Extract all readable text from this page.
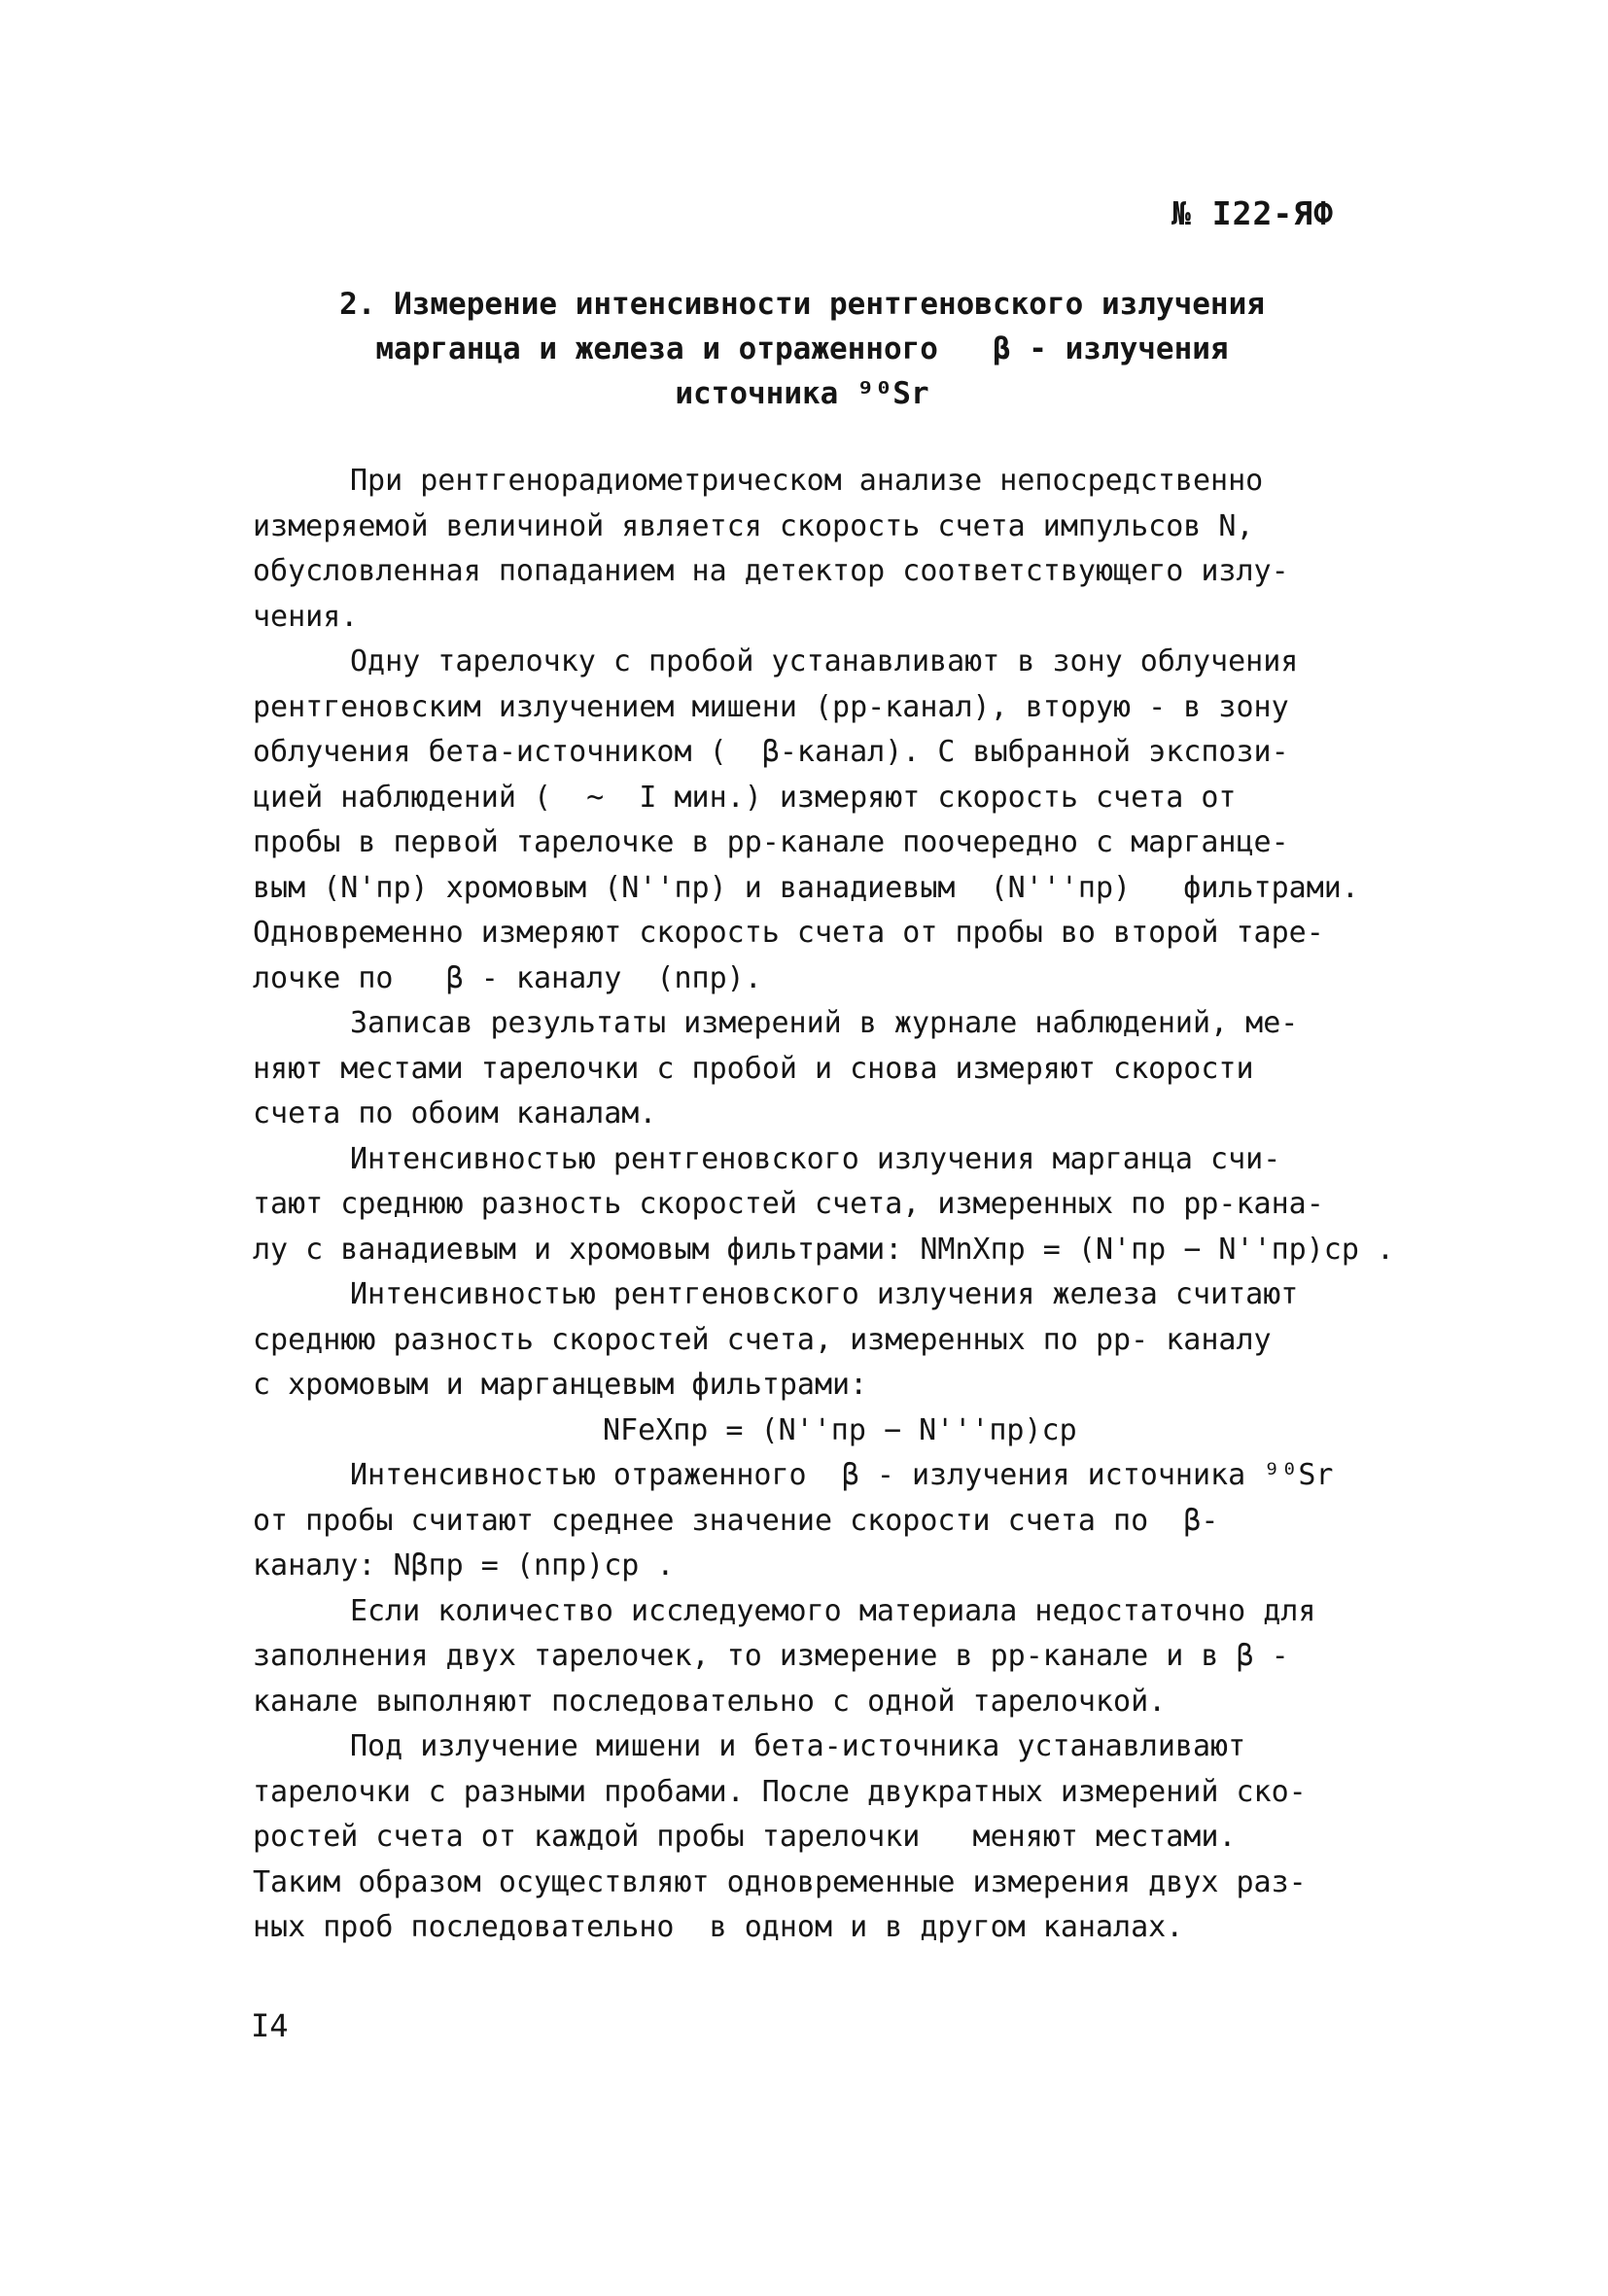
№ I22-ЯФ
2. Измерение интенсивности рентгеновского излучения
марганца и железа и отраженного   β - излучения
источника ⁹⁰Sr
При рентгенорадиометрическом анализе непосредственно
измеряемой величиной является скорость счета импульсов N,
обусловленная попаданием на детектор соответствующего излу-
чения.
Одну тарелочку с пробой устанавливают в зону облучения
рентгеновским излучением мишени (рр-канал), вторую - в зону
облучения бета-источником (  β-канал). С выбранной экспози-
цией наблюдений (  ~  I мин.) измеряют скорость счета от
пробы в первой тарелочке в рр-канале поочередно с марганце-
вым (N'пр) хромовым (N''пр) и ванадиевым  (N'''пр)   фильтрами.
Одновременно измеряют скорость счета от пробы во второй таре-
лочке по   β - каналу  (nпр).
Записав результаты измерений в журнале наблюдений, ме-
няют местами тарелочки с пробой и снова измеряют скорости
счета по обоим каналам.
Интенсивностью рентгеновского излучения марганца счи-
тают среднюю разность скоростей счета, измеренных по рр-кана-
лу с ванадиевым и хромовым фильтрами: NMnХпр = (N'пр − N''пр)ср .
Интенсивностью рентгеновского излучения железа считают
среднюю разность скоростей счета, измеренных по рр- каналу
с хромовым и марганцевым фильтрами:
NFeХпр = (N''пр − N'''пр)ср
Интенсивностью отраженного  β - излучения источника ⁹⁰Sr
от пробы считают среднее значение скорости счета по  β-
каналу: Nβпр = (nпр)ср .
Если количество исследуемого материала недостаточно для
заполнения двух тарелочек, то измерение в рр-канале и в β -
канале выполняют последовательно с одной тарелочкой.
Под излучение мишени и бета-источника устанавливают
тарелочки с разными пробами. После двукратных измерений ско-
ростей счета от каждой пробы тарелочки   меняют местами.
Таким образом осуществляют одновременные измерения двух раз-
ных проб последовательно  в одном и в другом каналах.
I4
